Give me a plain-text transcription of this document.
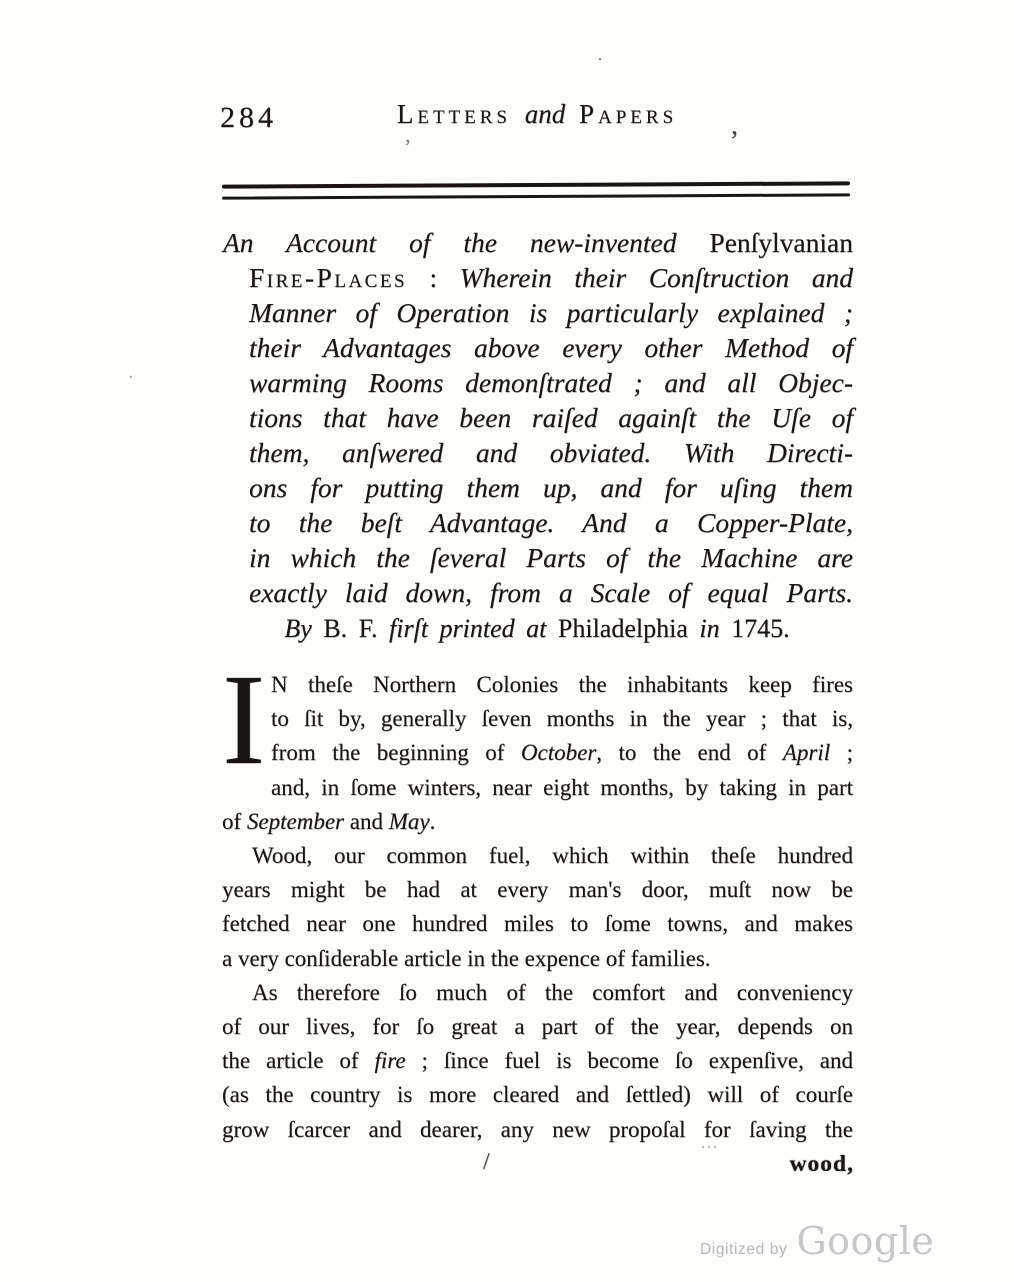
284	Letters and Papers
An Account of the new-invented Penſylvanian
Fire-Places : Wherein their Conſtruction and
Manner of Operation is particularly explained ;
their Advantages above every other Method of
warming Rooms demonſtrated ; and all Objec-
tions that have been raiſed againſt the Uſe of
them, anſwered and obviated. With Directi-
ons for putting them up, and for uſing them
to the beſt Advantage. And a Copper-Plate,
in which the ſeveral Parts of the Machine are
exactly laid down, from a Scale of equal Parts.
By B. F. firſt printed at Philadelphia in 1745.
I N theſe Northern Colonies the inhabitants keep fires
to ſit by, generally ſeven months in the year ; that is,
from the beginning of October, to the end of April ;
and, in ſome winters, near eight months, by taking in part
of September and May.
Wood, our common fuel, which within theſe hundred
years might be had at every man's door, muſt now be
fetched near one hundred miles to ſome towns, and makes
a very conſiderable article in the expence of families.
As therefore ſo much of the comfort and conveniency
of our lives, for ſo great a part of the year, depends on
the article of fire ; ſince fuel is become ſo expenſive, and
(as the country is more cleared and ſettled) will of courſe
grow ſcarcer and dearer, any new propoſal for ſaving the
wood,
Digitized by Google
,
,
·
·
/
⋯
